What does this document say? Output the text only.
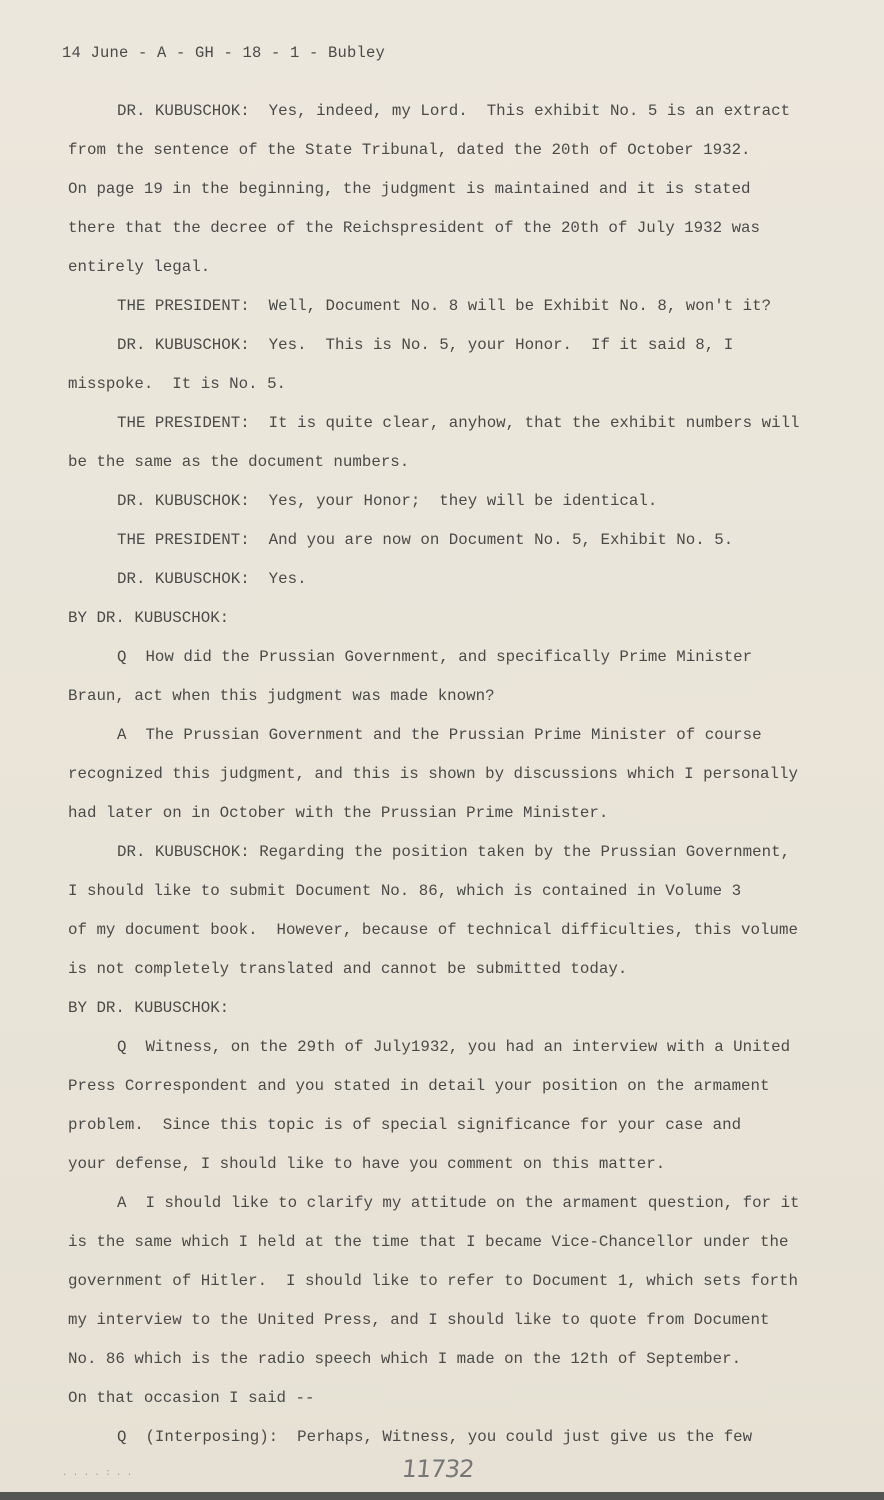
14 June - A - GH - 18 - 1 - Bubley
DR. KUBUSCHOK:  Yes, indeed, my Lord.  This exhibit No. 5 is an extract
from the sentence of the State Tribunal, dated the 20th of October 1932.
On page 19 in the beginning, the judgment is maintained and it is stated
there that the decree of the Reichspresident of the 20th of July 1932 was
entirely legal.
THE PRESIDENT:  Well, Document No. 8 will be Exhibit No. 8, won't it?
DR. KUBUSCHOK:  Yes.  This is No. 5, your Honor.  If it said 8, I
misspoke.  It is No. 5.
THE PRESIDENT:  It is quite clear, anyhow, that the exhibit numbers will
be the same as the document numbers.
DR. KUBUSCHOK:  Yes, your Honor;  they will be identical.
THE PRESIDENT:  And you are now on Document No. 5, Exhibit No. 5.
DR. KUBUSCHOK:  Yes.
BY DR. KUBUSCHOK:
Q  How did the Prussian Government, and specifically Prime Minister
Braun, act when this judgment was made known?
A  The Prussian Government and the Prussian Prime Minister of course
recognized this judgment, and this is shown by discussions which I personally
had later on in October with the Prussian Prime Minister.
DR. KUBUSCHOK: Regarding the position taken by the Prussian Government,
I should like to submit Document No. 86, which is contained in Volume 3
of my document book.  However, because of technical difficulties, this volume
is not completely translated and cannot be submitted today.
BY DR. KUBUSCHOK:
Q  Witness, on the 29th of July1932, you had an interview with a United
Press Correspondent and you stated in detail your position on the armament
problem.  Since this topic is of special significance for your case and
your defense, I should like to have you comment on this matter.
A  I should like to clarify my attitude on the armament question, for it
is the same which I held at the time that I became Vice-Chancellor under the
government of Hitler.  I should like to refer to Document 1, which sets forth
my interview to the United Press, and I should like to quote from Document
No. 86 which is the radio speech which I made on the 12th of September.
On that occasion I said --
Q  (Interposing):  Perhaps, Witness, you could just give us the few
. . . . : . .	11732
